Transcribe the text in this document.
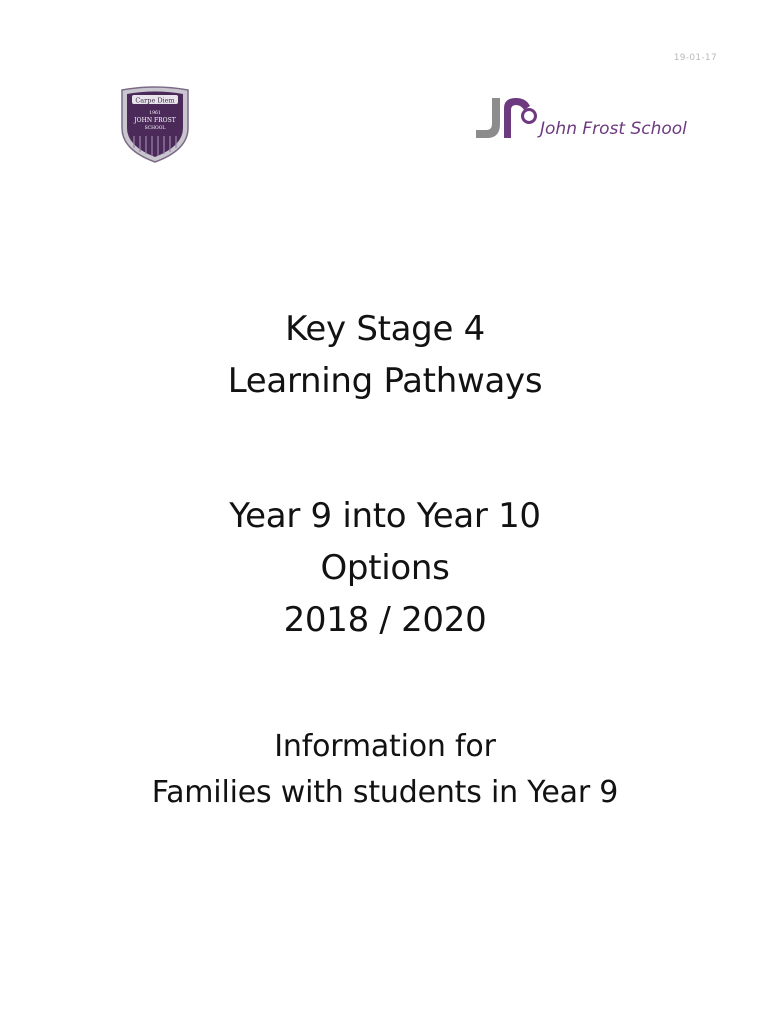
19-01-17
Carpe Diem
1961
JOHN FROST
SCHOOL	John Frost School
Key Stage 4
Learning Pathways
Year 9 into Year 10
Options
2018 / 2020
Information for
Families with students in Year 9
